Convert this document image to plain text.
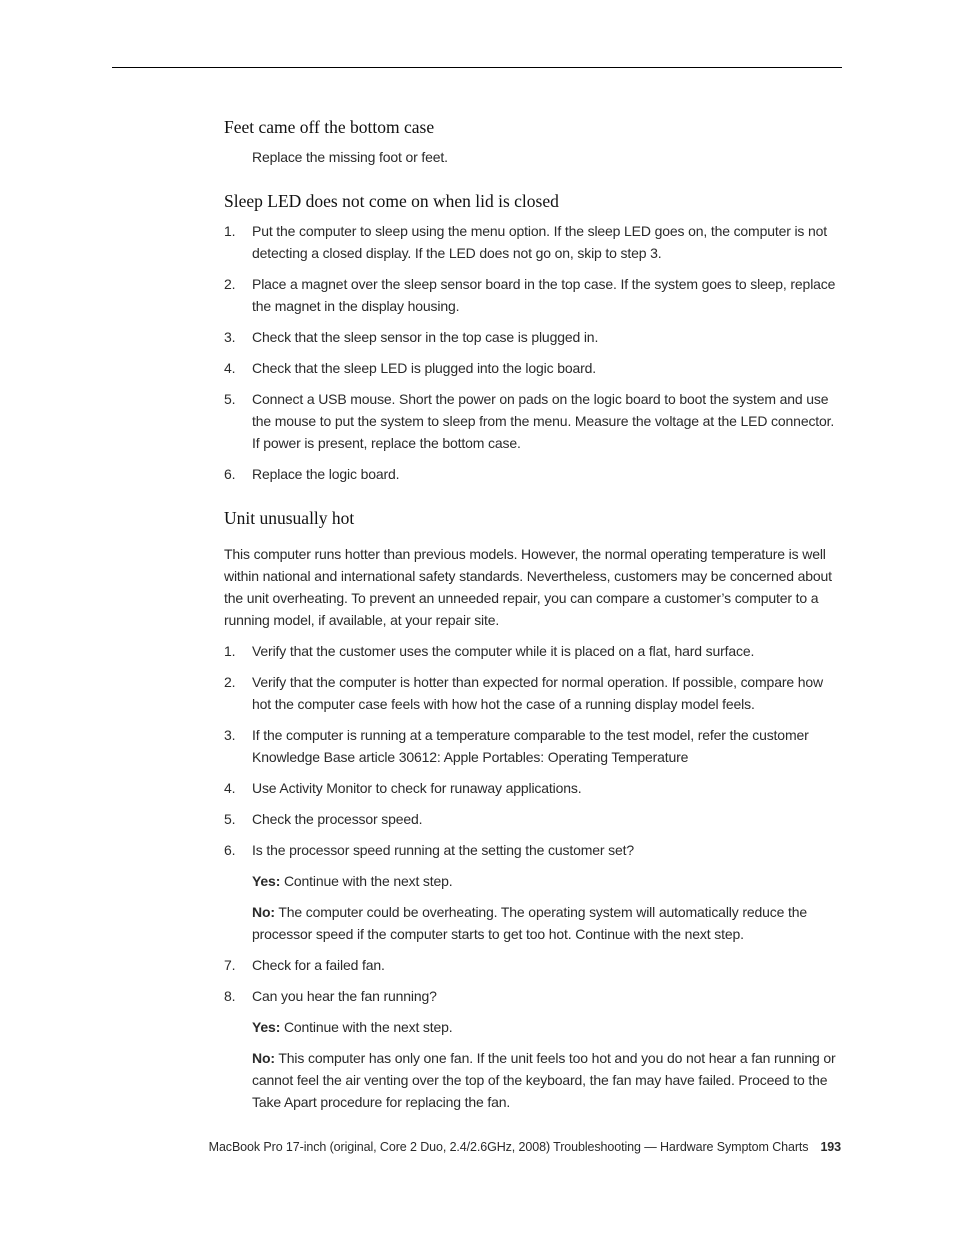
Feet came off the bottom case

Replace the missing foot or feet.

Sleep LED does not come on when lid is closed
1. Put the computer to sleep using the menu option. If the sleep LED goes on, the computer is not detecting a closed display. If the LED does not go on, skip to step 3.
2. Place a magnet over the sleep sensor board in the top case. If the system goes to sleep, replace the magnet in the display housing.
3. Check that the sleep sensor in the top case is plugged in.
4. Check that the sleep LED is plugged into the logic board.
5. Connect a USB mouse. Short the power on pads on the logic board to boot the system and use the mouse to put the system to sleep from the menu. Measure the voltage at the LED connector. If power is present, replace the bottom case.
6. Replace the logic board.
Unit unusually hot

This computer runs hotter than previous models. However, the normal operating temperature is well within national and international safety standards. Nevertheless, customers may be concerned about the unit overheating. To prevent an unneeded repair, you can compare a customer’s computer to a running model, if available, at your repair site.

1. Verify that the customer uses the computer while it is placed on a flat, hard surface.
2. Verify that the computer is hotter than expected for normal operation. If possible, compare how hot the computer case feels with how hot the case of a running display model feels.
3. If the computer is running at a temperature comparable to the test model, refer the customer Knowledge Base article 30612: Apple Portables: Operating Temperature
4. Use Activity Monitor to check for runaway applications.
5. Check the processor speed.
6. Is the processor speed running at the setting the customer set?
Yes: Continue with the next step.
No: The computer could be overheating. The operating system will automatically reduce the processor speed if the computer starts to get too hot. Continue with the next step.
7. Check for a failed fan.
8. Can you hear the fan running?
Yes: Continue with the next step.
No: This computer has only one fan. If the unit feels too hot and you do not hear a fan running or cannot feel the air venting over the top of the keyboard, the fan may have failed. Proceed to the Take Apart procedure for replacing the fan.
MacBook Pro 17-inch (original, Core 2 Duo, 2.4/2.6GHz, 2008) Troubleshooting — Hardware Symptom Charts 193
